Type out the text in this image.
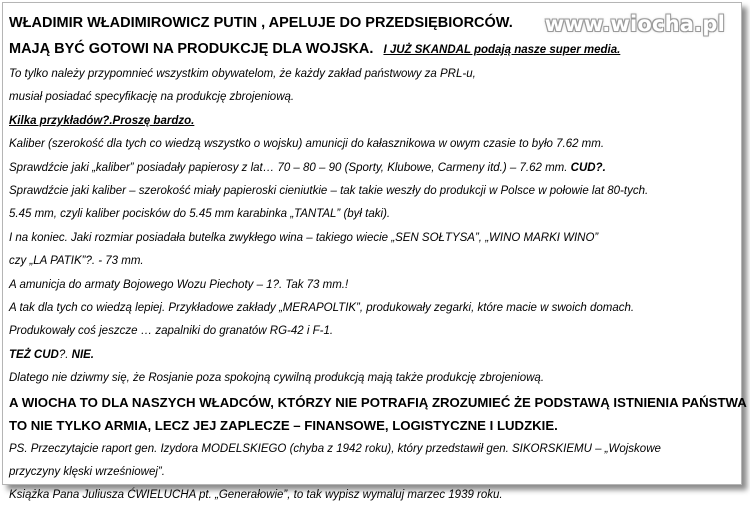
www.wiocha.pl
WŁADIMIR WŁADIMIROWICZ PUTIN , APELUJE DO PRZEDSIĘBIORCÓW.
MAJĄ BYĆ GOTOWI NA PRODUKCJĘ DLA WOJSKA. I JUŻ SKANDAL podają nasze super media.
To tylko należy przypomnieć wszystkim obywatelom, że każdy zakład państwowy za PRL-u,
musiał posiadać specyfikację na produkcję zbrojeniową.
Kilka przykładów?.Proszę bardzo.
Kaliber (szerokość dla tych co wiedzą wszystko o wojsku) amunicji do kałasznikowa w owym czasie to było 7.62 mm.
Sprawdźcie jaki „kaliber” posiadały papierosy z lat… 70 – 80 – 90 (Sporty, Klubowe, Carmeny itd.) – 7.62 mm. CUD?.
Sprawdźcie jaki kaliber – szerokość miały papieroski cieniutkie – tak takie weszły do produkcji w Polsce w połowie lat 80-tych.
5.45 mm, czyli kaliber pocisków do 5.45 mm karabinka „TANTAL” (był taki).
I na koniec. Jaki rozmiar posiadała butelka zwykłego wina – takiego wiecie „SEN SOŁTYSA”, „WINO MARKI WINO”
czy „LA PATIK”?. - 73 mm.
A amunicja do armaty Bojowego Wozu Piechoty – 1?. Tak 73 mm.!
A tak dla tych co wiedzą lepiej. Przykładowe zakłady „MERAPOLTIK”, produkowały zegarki, które macie w swoich domach.
Produkowały coś jeszcze … zapalniki do granatów RG-42 i F-1.
TEŻ CUD?. NIE.
Dlatego nie dziwmy się, że Rosjanie poza spokojną cywilną produkcją mają także produkcję zbrojeniową.
A WIOCHA TO DLA NASZYCH WŁADCÓW, KTÓRZY NIE POTRAFIĄ ZROZUMIEĆ ŻE PODSTAWĄ ISTNIENIA PAŃSTWA
TO NIE TYLKO ARMIA, LECZ JEJ ZAPLECZE – FINANSOWE, LOGISTYCZNE I LUDZKIE.
PS. Przeczytajcie raport gen. Izydora MODELSKIEGO (chyba z 1942 roku), który przedstawił gen. SIKORSKIEMU – „Wojskowe
przyczyny klęski wrześniowej”.
Książka Pana Juliusza ĆWIELUCHA pt. „Generałowie”, to tak wypisz wymaluj marzec 1939 roku.
